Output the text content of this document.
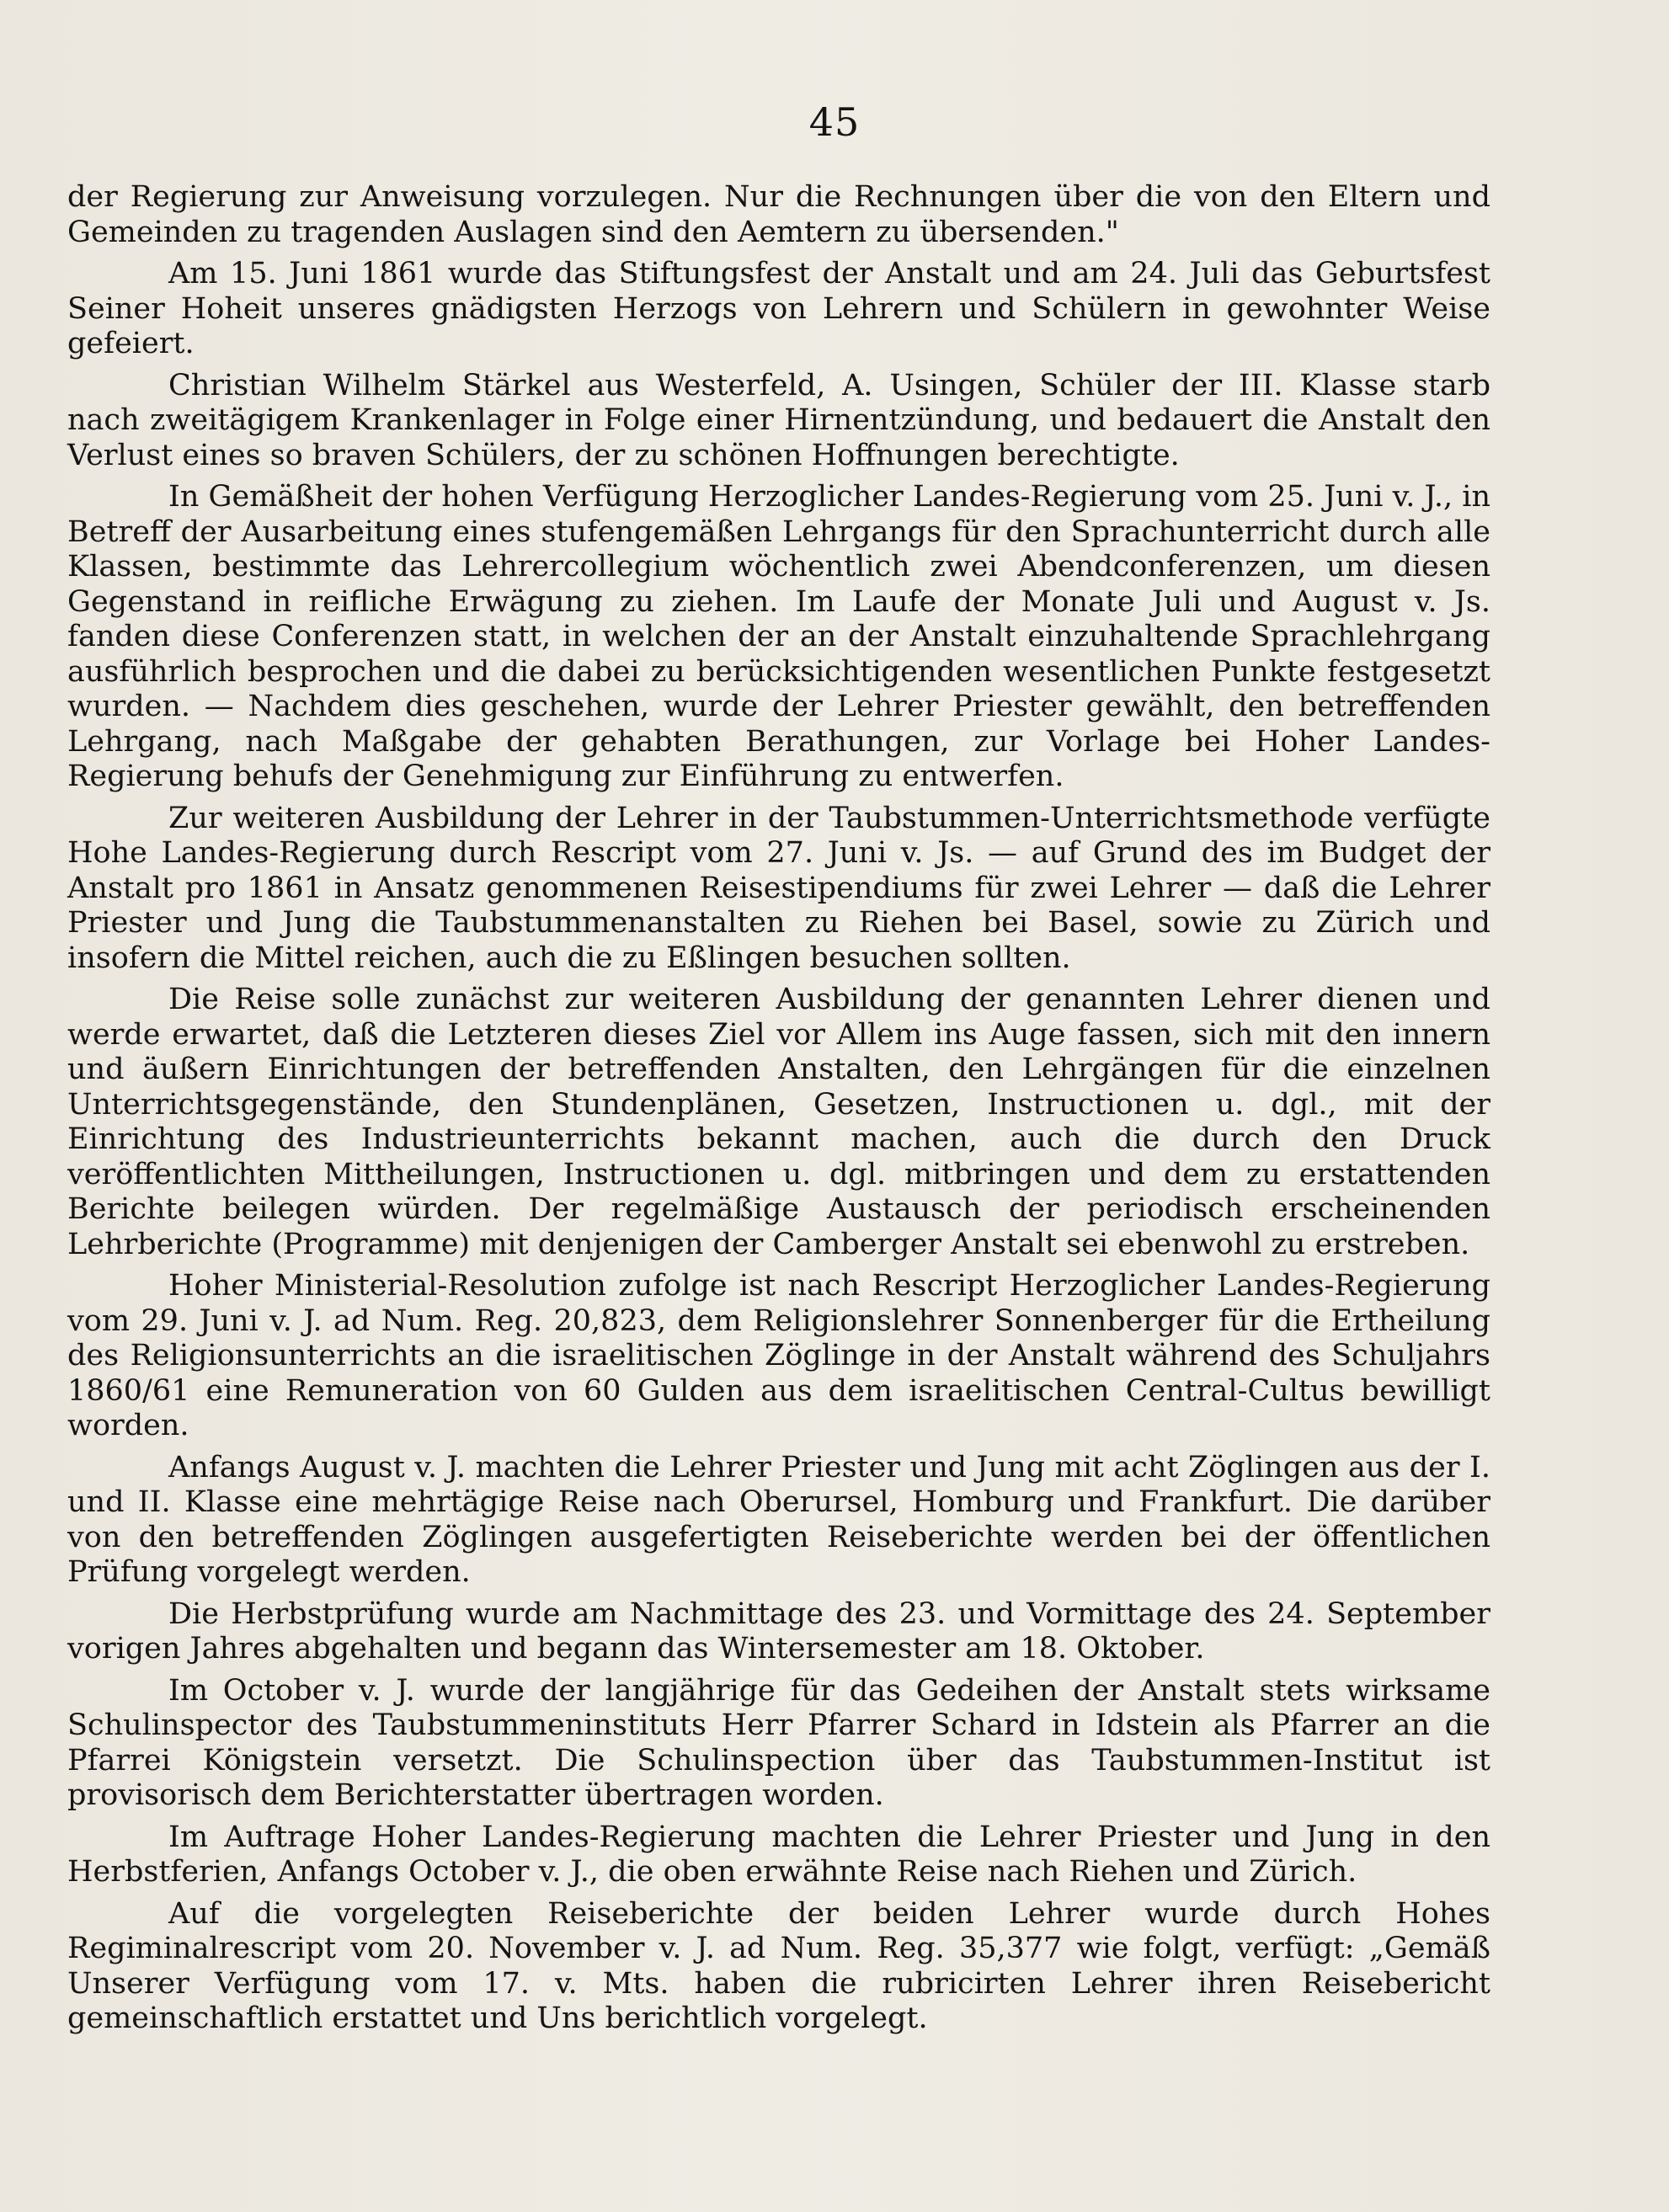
45

der Regierung zur Anweisung vorzulegen. Nur die Rechnungen über die von den Eltern und Gemeinden zu tragenden Auslagen sind den Aemtern zu übersenden."

Am 15. Juni 1861 wurde das Stiftungsfest der Anstalt und am 24. Juli das Geburtsfest Seiner Hoheit unseres gnädigsten Herzogs von Lehrern und Schülern in gewohnter Weise gefeiert.

Christian Wilhelm Stärkel aus Westerfeld, A. Usingen, Schüler der III. Klasse starb nach zweitägigem Krankenlager in Folge einer Hirnentzündung, und bedauert die Anstalt den Verlust eines so braven Schülers, der zu schönen Hoffnungen berechtigte.

In Gemäßheit der hohen Verfügung Herzoglicher Landes-Regierung vom 25. Juni v. J., in Betreff der Ausarbeitung eines stufengemäßen Lehrgangs für den Sprachunterricht durch alle Klassen, bestimmte das Lehrercollegium wöchentlich zwei Abendconferenzen, um diesen Gegenstand in reifliche Erwägung zu ziehen. Im Laufe der Monate Juli und August v. Js. fanden diese Conferenzen statt, in welchen der an der Anstalt einzuhaltende Sprachlehrgang ausführlich besprochen und die dabei zu berücksichtigenden wesentlichen Punkte festgesetzt wurden. — Nachdem dies geschehen, wurde der Lehrer Priester gewählt, den betreffenden Lehrgang, nach Maßgabe der gehabten Berathungen, zur Vorlage bei Hoher Landes-Regierung behufs der Genehmigung zur Einführung zu entwerfen.

Zur weiteren Ausbildung der Lehrer in der Taubstummen-Unterrichtsmethode verfügte Hohe Landes-Regierung durch Rescript vom 27. Juni v. Js. — auf Grund des im Budget der Anstalt pro 1861 in Ansatz genommenen Reisestipendiums für zwei Lehrer — daß die Lehrer Priester und Jung die Taubstummenanstalten zu Riehen bei Basel, sowie zu Zürich und insofern die Mittel reichen, auch die zu Eßlingen besuchen sollten.

Die Reise solle zunächst zur weiteren Ausbildung der genannten Lehrer dienen und werde erwartet, daß die Letzteren dieses Ziel vor Allem ins Auge fassen, sich mit den innern und äußern Einrichtungen der betreffenden Anstalten, den Lehrgängen für die einzelnen Unterrichtsgegenstände, den Stundenplänen, Gesetzen, Instructionen u. dgl., mit der Einrichtung des Industrieunterrichts bekannt machen, auch die durch den Druck veröffentlichten Mittheilungen, Instructionen u. dgl. mitbringen und dem zu erstattenden Berichte beilegen würden. Der regelmäßige Austausch der periodisch erscheinenden Lehrberichte (Programme) mit denjenigen der Camberger Anstalt sei ebenwohl zu erstreben.

Hoher Ministerial-Resolution zufolge ist nach Rescript Herzoglicher Landes-Regierung vom 29. Juni v. J. ad Num. Reg. 20,823, dem Religionslehrer Sonnenberger für die Ertheilung des Religionsunterrichts an die israelitischen Zöglinge in der Anstalt während des Schuljahrs 1860/61 eine Remuneration von 60 Gulden aus dem israelitischen Central-Cultus bewilligt worden.

Anfangs August v. J. machten die Lehrer Priester und Jung mit acht Zöglingen aus der I. und II. Klasse eine mehrtägige Reise nach Oberursel, Homburg und Frankfurt. Die darüber von den betreffenden Zöglingen ausgefertigten Reiseberichte werden bei der öffentlichen Prüfung vorgelegt werden.

Die Herbstprüfung wurde am Nachmittage des 23. und Vormittage des 24. September vorigen Jahres abgehalten und begann das Wintersemester am 18. Oktober.

Im October v. J. wurde der langjährige für das Gedeihen der Anstalt stets wirksame Schulinspector des Taubstummeninstituts Herr Pfarrer Schard in Idstein als Pfarrer an die Pfarrei Königstein versetzt. Die Schulinspection über das Taubstummen-Institut ist provisorisch dem Berichterstatter übertragen worden.

Im Auftrage Hoher Landes-Regierung machten die Lehrer Priester und Jung in den Herbstferien, Anfangs October v. J., die oben erwähnte Reise nach Riehen und Zürich.

Auf die vorgelegten Reiseberichte der beiden Lehrer wurde durch Hohes Regiminalrescript vom 20. November v. J. ad Num. Reg. 35,377 wie folgt, verfügt: „Gemäß Unserer Verfügung vom 17. v. Mts. haben die rubricirten Lehrer ihren Reisebericht gemeinschaftlich erstattet und Uns berichtlich vorgelegt.
